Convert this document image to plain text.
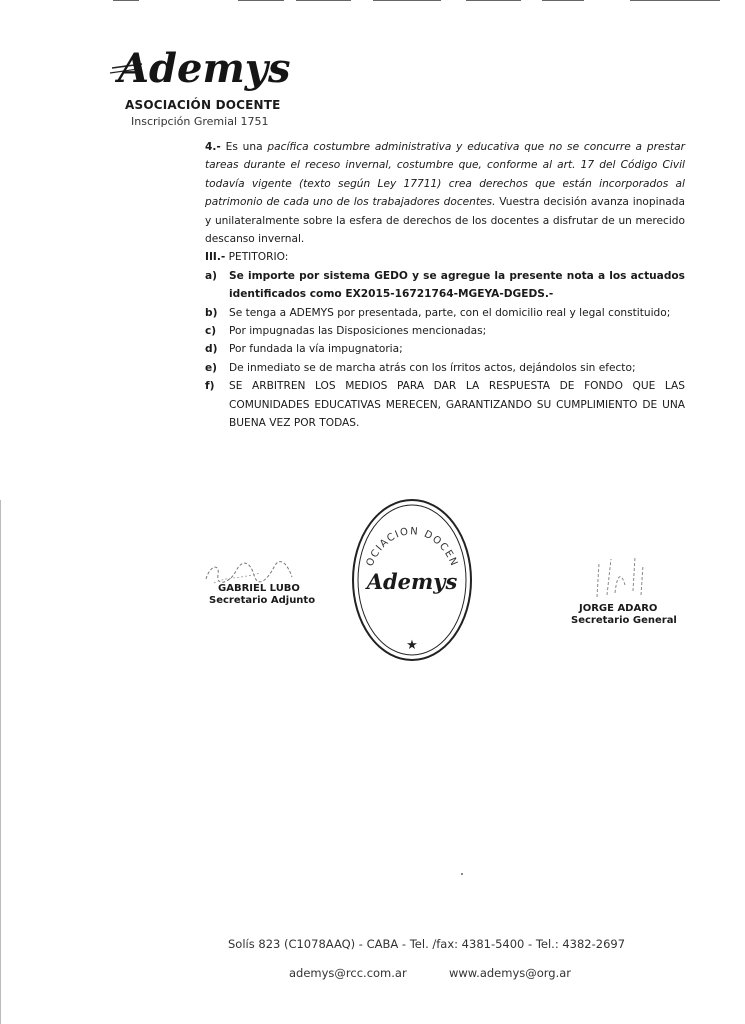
Ademys
ASOCIACIÓN DOCENTE
Inscripción Gremial 1751

4.- Es una pacífica costumbre administrativa y educativa que no se concurre a prestar tareas durante el receso invernal, costumbre que, conforme al art. 17 del Código Civil todavía vigente (texto según Ley 17711) crea derechos que están incorporados al patrimonio de cada uno de los trabajadores docentes. Vuestra decisión avanza inopinada y unilateralmente sobre la esfera de derechos de los docentes a disfrutar de un merecido descanso invernal.

III.- PETITORIO:

a) Se importe por sistema GEDO y se agregue la presente nota a los actuados identificados como EX2015-16721764-MGEYA-DGEDS.-
b) Se tenga a ADEMYS por presentada, parte, con el domicilio real y legal constituido;
c) Por impugnadas las Disposiciones mencionadas;
d) Por fundada la vía impugnatoria;
e) De inmediato se de marcha atrás con los írritos actos, dejándolos sin efecto;
f) SE ARBITREN LOS MEDIOS PARA DAR LA RESPUESTA DE FONDO QUE LAS COMUNIDADES EDUCATIVAS MERECEN, GARANTIZANDO SU CUMPLIMIENTO DE UNA BUENA VEZ POR TODAS.
GABRIEL LUBO
Secretario Adjunto
OCIACION DOCEN
Ademys
★
JORGE ADARO
Secretario General
Solís 823 (C1078AAQ) - CABA - Tel. /fax: 4381-5400 - Tel.: 4382-2697
ademys@rcc.com.ar	www.ademys@org.ar
